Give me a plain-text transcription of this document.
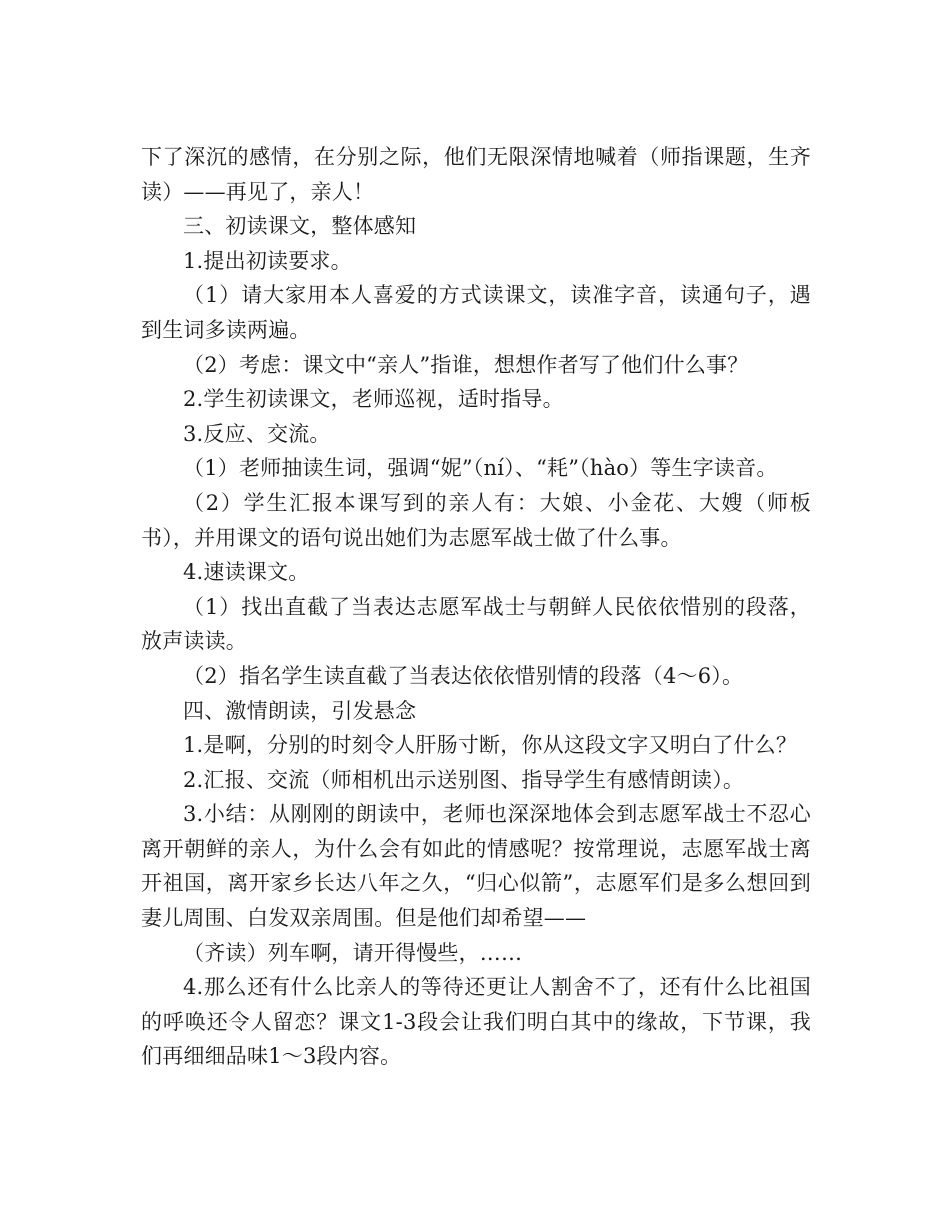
下了深沉的感情，在分别之际，他们无限深情地喊着（师指课题，生齐读）——再见了，亲人！

三、初读课文，整体感知

1.提出初读要求。

（1）请大家用本人喜爱的方式读课文，读准字音，读通句子，遇到生词多读两遍。

（2）考虑：课文中“亲人”指谁，想想作者写了他们什么事？

2.学生初读课文，老师巡视，适时指导。

3.反应、交流。

（1）老师抽读生词，强调“妮”（ní）、“耗”（hào）等生字读音。

（2）学生汇报本课写到的亲人有：大娘、小金花、大嫂（师板书），并用课文的语句说出她们为志愿军战士做了什么事。

4.速读课文。

（1）找出直截了当表达志愿军战士与朝鲜人民依依惜别的段落，放声读读。

（2）指名学生读直截了当表达依依惜别情的段落（4～6）。

四、激情朗读，引发悬念

1.是啊，分别的时刻令人肝肠寸断，你从这段文字又明白了什么？

2.汇报、交流（师相机出示送别图、指导学生有感情朗读）。

3.小结：从刚刚的朗读中，老师也深深地体会到志愿军战士不忍心离开朝鲜的亲人，为什么会有如此的情感呢？按常理说，志愿军战士离开祖国，离开家乡长达八年之久，“归心似箭”，志愿军们是多么想回到妻儿周围、白发双亲周围。但是他们却希望——

（齐读）列车啊，请开得慢些，……

4.那么还有什么比亲人的等待还更让人割舍不了，还有什么比祖国的呼唤还令人留恋？课文1-3段会让我们明白其中的缘故，下节课，我们再细细品味1～3段内容。
